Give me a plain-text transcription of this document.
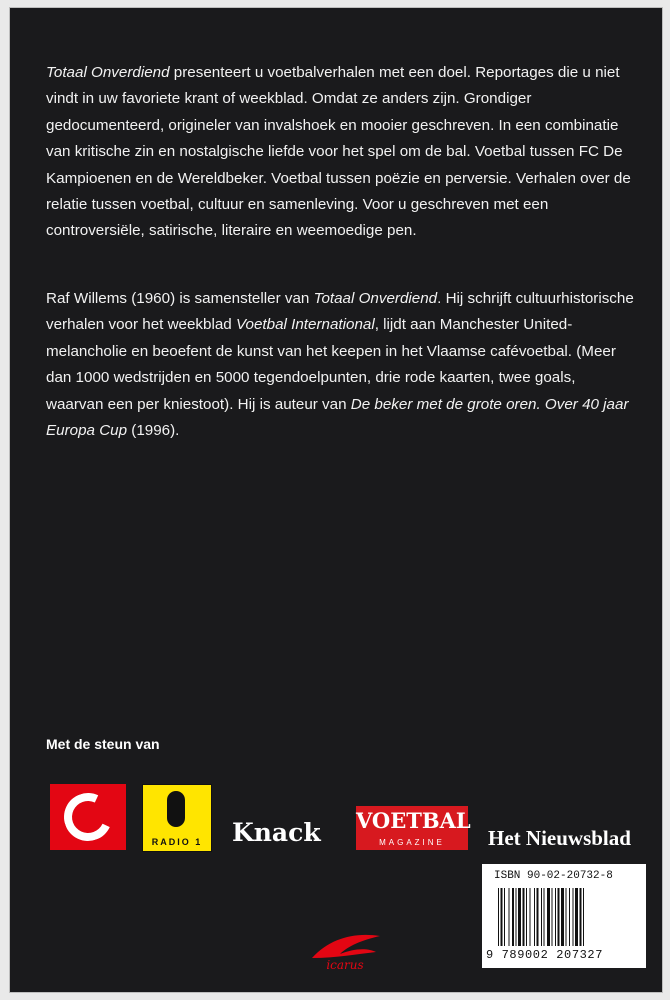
Totaal Onverdiend presenteert u voetbalverhalen met een doel. Reportages die u niet vindt in uw favoriete krant of weekblad. Omdat ze anders zijn. Grondiger gedocumenteerd, origineler van invalshoek en mooier geschreven. In een combinatie van kritische zin en nostalgische liefde voor het spel om de bal. Voetbal tussen FC De Kampioenen en de Wereldbeker. Voetbal tussen poëzie en perversie. Verhalen over de relatie tussen voetbal, cultuur en samenleving. Voor u geschreven met een controversiële, satirische, literaire en weemoedige pen.

Raf Willems (1960) is samensteller van Totaal Onverdiend. Hij schrijft cultuurhistorische verhalen voor het weekblad Voetbal International, lijdt aan Manchester United-melancholie en beoefent de kunst van het keepen in het Vlaamse cafévoetbal. (Meer dan 1000 wedstrijden en 5000 tegendoelpunten, drie rode kaarten, twee goals, waarvan een per kniestoot). Hij is auteur van De beker met de grote oren. Over 40 jaar Europa Cup (1996).

Met de steun van
RADIO 1	Knack VOETBAL
MAGAZINE	Het Nieuwsblad
ISBN 90-02-20732-8
9 789002 207327
icarus
